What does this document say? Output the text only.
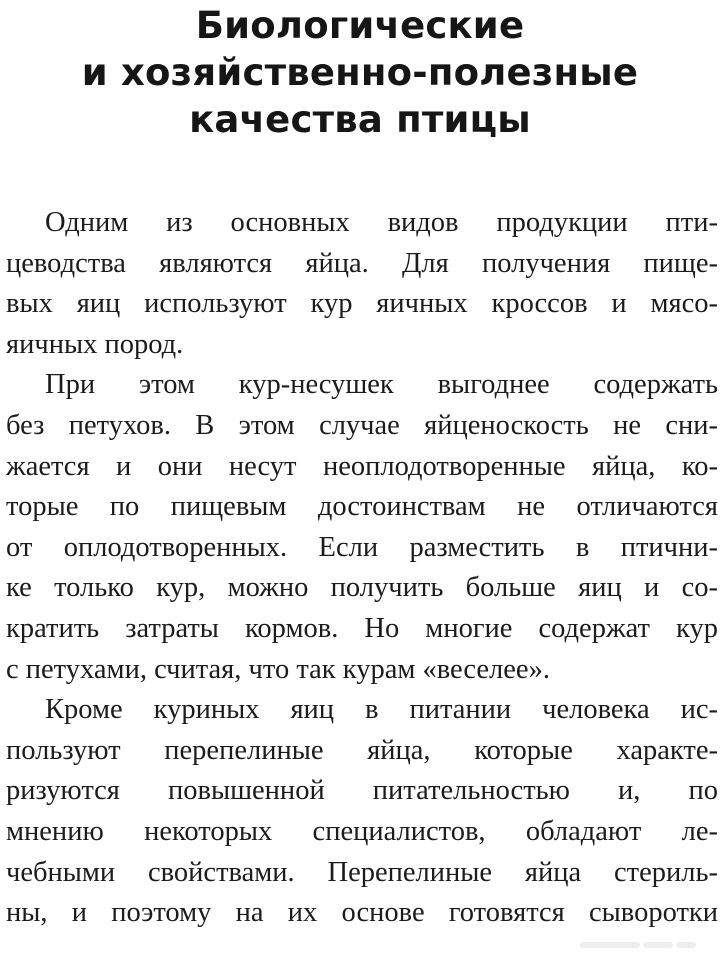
Биологические
и хозяйственно-полезные
качества птицы
Одним из основных видов продукции пти-
цеводства являются яйца. Для получения пище-
вых яиц используют кур яичных кроссов и мясо-
яичных пород.
При этом кур-несушек выгоднее содержать
без петухов. В этом случае яйценоскость не сни-
жается и они несут неоплодотворенные яйца, ко-
торые по пищевым достоинствам не отличаются
от оплодотворенных. Если разместить в птични-
ке только кур, можно получить больше яиц и со-
кратить затраты кормов. Но многие содержат кур
с петухами, считая, что так курам «веселее».
Кроме куриных яиц в питании человека ис-
пользуют перепелиные яйца, которые характе-
ризуются повышенной питательностью и, по
мнению некоторых специалистов, обладают ле-
чебными свойствами. Перепелиные яйца стериль-
ны, и поэтому на их основе готовятся сыворотки
